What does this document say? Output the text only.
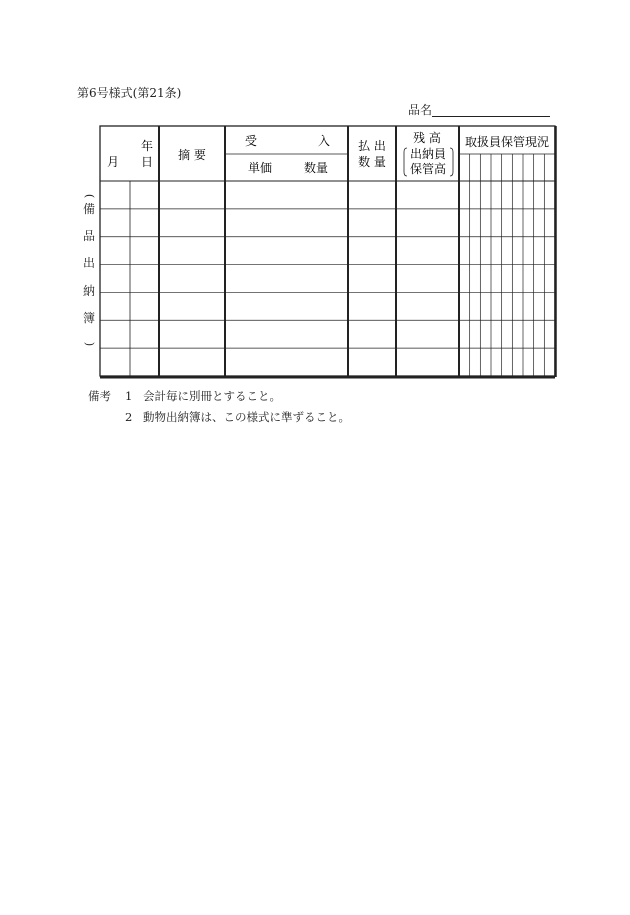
第6号様式(第21条)
品名
(
備
品
出
納
簿
)
年
月 日 摘 要
受	入
単価	数量
払 出
数 量
残 高
出納員
保管高
取扱員保管現況
備考 1 会計毎に別冊とすること。
2 動物出納簿は、この様式に準ずること。
